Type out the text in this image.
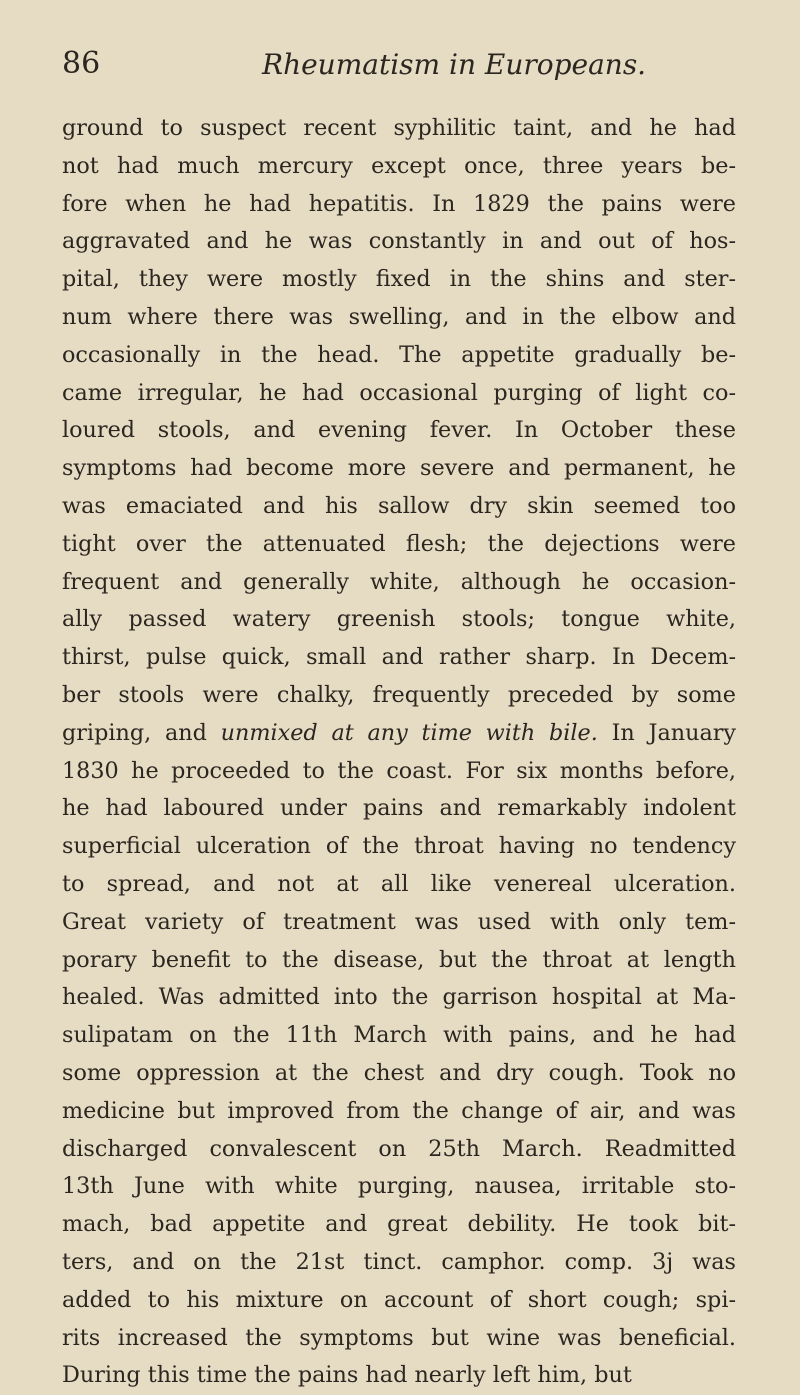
86	Rheumatism in Europeans.
ground to suspect recent syphilitic taint, and he had
not had much mercury except once, three years be-
fore when he had hepatitis. In 1829 the pains were
aggravated and he was constantly in and out of hos-
pital, they were mostly fixed in the shins and ster-
num where there was swelling, and in the elbow and
occasionally in the head. The appetite gradually be-
came irregular, he had occasional purging of light co-
loured stools, and evening fever. In October these
symptoms had become more severe and permanent, he
was emaciated and his sallow dry skin seemed too
tight over the attenuated flesh; the dejections were
frequent and generally white, although he occasion-
ally passed watery greenish stools; tongue white,
thirst, pulse quick, small and rather sharp. In Decem-
ber stools were chalky, frequently preceded by some
griping, and unmixed at any time with bile. In January
1830 he proceeded to the coast. For six months before,
he had laboured under pains and remarkably indolent
superficial ulceration of the throat having no tendency
to spread, and not at all like venereal ulceration.
Great variety of treatment was used with only tem-
porary benefit to the disease, but the throat at length
healed. Was admitted into the garrison hospital at Ma-
sulipatam on the 11th March with pains, and he had
some oppression at the chest and dry cough. Took no
medicine but improved from the change of air, and was
discharged convalescent on 25th March. Readmitted
13th June with white purging, nausea, irritable sto-
mach, bad appetite and great debility. He took bit-
ters, and on the 21st tinct. camphor. comp. 3j was
added to his mixture on account of short cough; spi-
rits increased the symptoms but wine was beneficial.
During this time the pains had nearly left him, but
